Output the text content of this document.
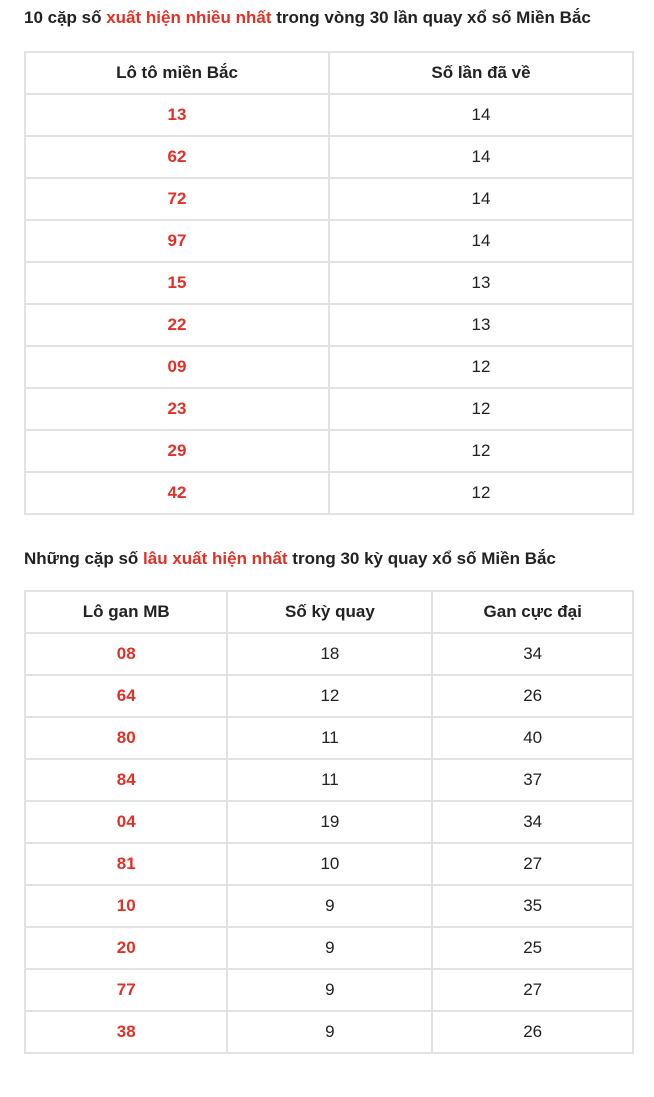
10 cặp số xuất hiện nhiều nhất trong vòng 30 lần quay xổ số Miền Bắc
Lô tô miền Bắc	Số lần đã về
13	14
62	14
72	14
97	14
15	13
22	13
09	12
23	12
29	12
42	12
Những cặp số lâu xuất hiện nhất trong 30 kỳ quay xổ số Miền Bắc
Lô gan MB	Số kỳ quay	Gan cực đại
08	18	34
64	12	26
80	11	40
84	11	37
04	19	34
81	10	27
10	9	35
20	9	25
77	9	27
38	9	26
